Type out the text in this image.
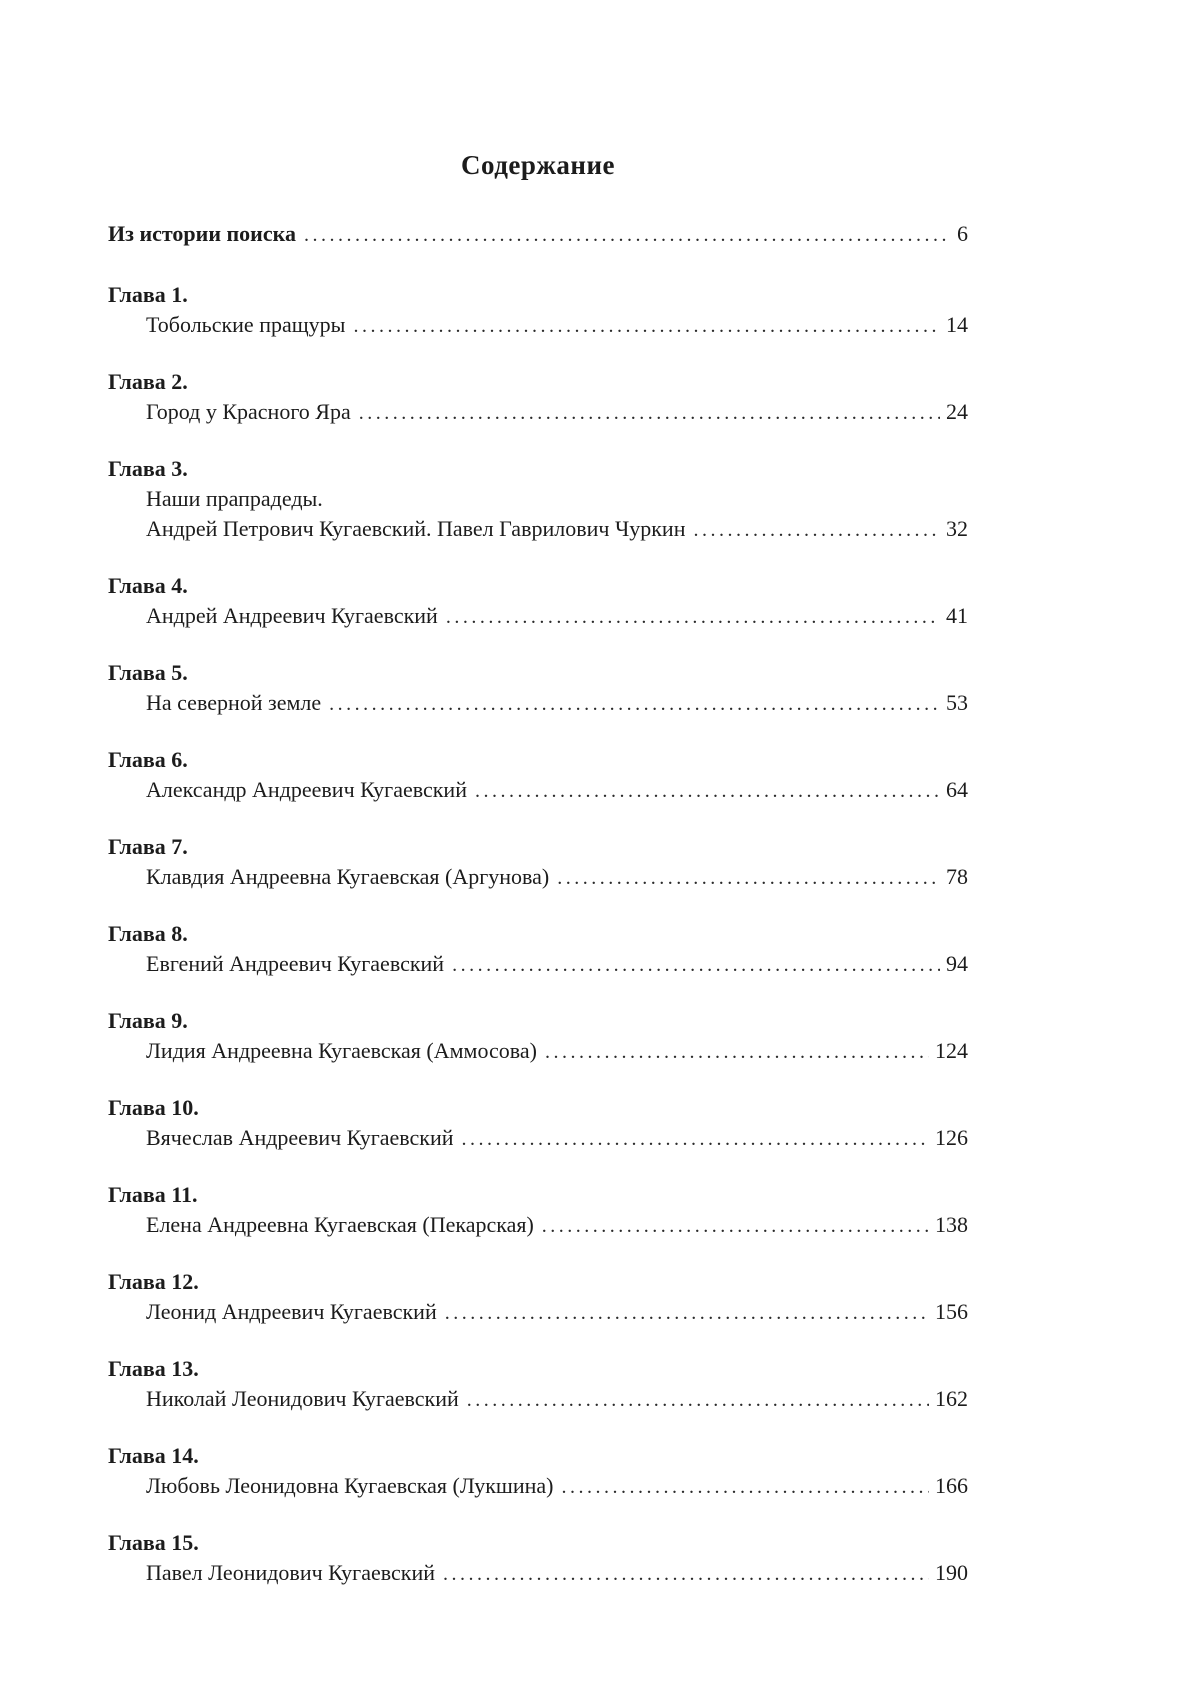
Содержание
Из истории поиска .....	6
Глава 1.
Тобольские пращуры .....	14
Глава 2.
Город у Красного Яра .....	24
Глава 3.
Наши прапрадеды.
Андрей Петрович Кугаевский. Павел Гаврилович Чуркин .....	32
Глава 4.
Андрей Андреевич Кугаевский .....	41
Глава 5.
На северной земле .....	53
Глава 6.
Александр Андреевич Кугаевский .....	64
Глава 7.
Клавдия Андреевна Кугаевская (Аргунова) .....	78
Глава 8.
Евгений Андреевич Кугаевский .....	94
Глава 9.
Лидия Андреевна Кугаевская (Аммосова) .....	124
Глава 10.
Вячеслав Андреевич Кугаевский .....	126
Глава 11.
Елена Андреевна Кугаевская (Пекарская) .....	138
Глава 12.
Леонид Андреевич Кугаевский .....	156
Глава 13.
Николай Леонидович Кугаевский .....	162
Глава 14.
Любовь Леонидовна Кугаевская (Лукшина) .....	166
Глава 15.
Павел Леонидович Кугаевский .....	190
